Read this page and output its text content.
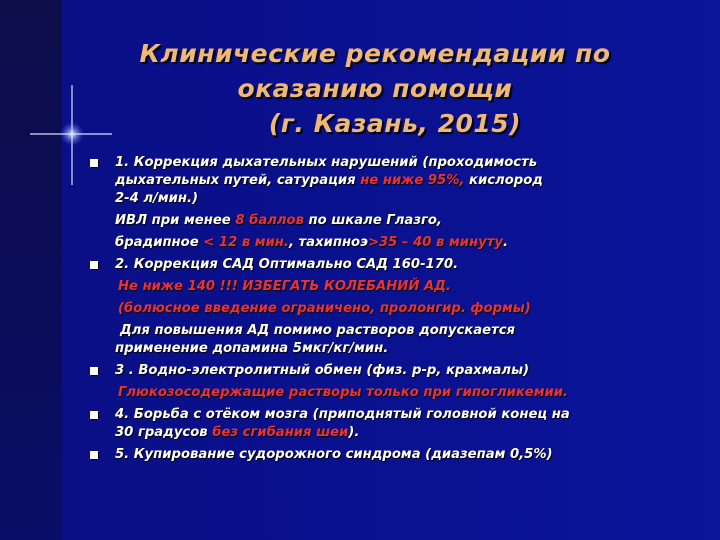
Клинические рекомендации по
оказанию помощи
(г. Казань, 2015)
1. Коррекция дыхательных нарушений (проходимость
дыхательных путей, сатурация не ниже 95%, кислород
2-4 л/мин.)
ИВЛ при менее 8 баллов по шкале Глазго,
брадипное < 12 в мин., тахипноэ>35 – 40 в минуту.
2. Коррекция САД Оптимально САД 160-170.
Не ниже 140 !!! ИЗБЕГАТЬ КОЛЕБАНИЙ АД.
(болюсное введение ограничено, пролонгир. формы)
Для повышения АД помимо растворов допускается
применение допамина 5мкг/кг/мин.
3 . Водно-электролитный обмен (физ. р-р, крахмалы)
Глюкозосодержащие растворы только при гипогликемии.
4. Борьба с отёком мозга (приподнятый головной конец на
30 градусов без сгибания шеи).
5. Купирование судорожного синдрома (диазепам 0,5%)
